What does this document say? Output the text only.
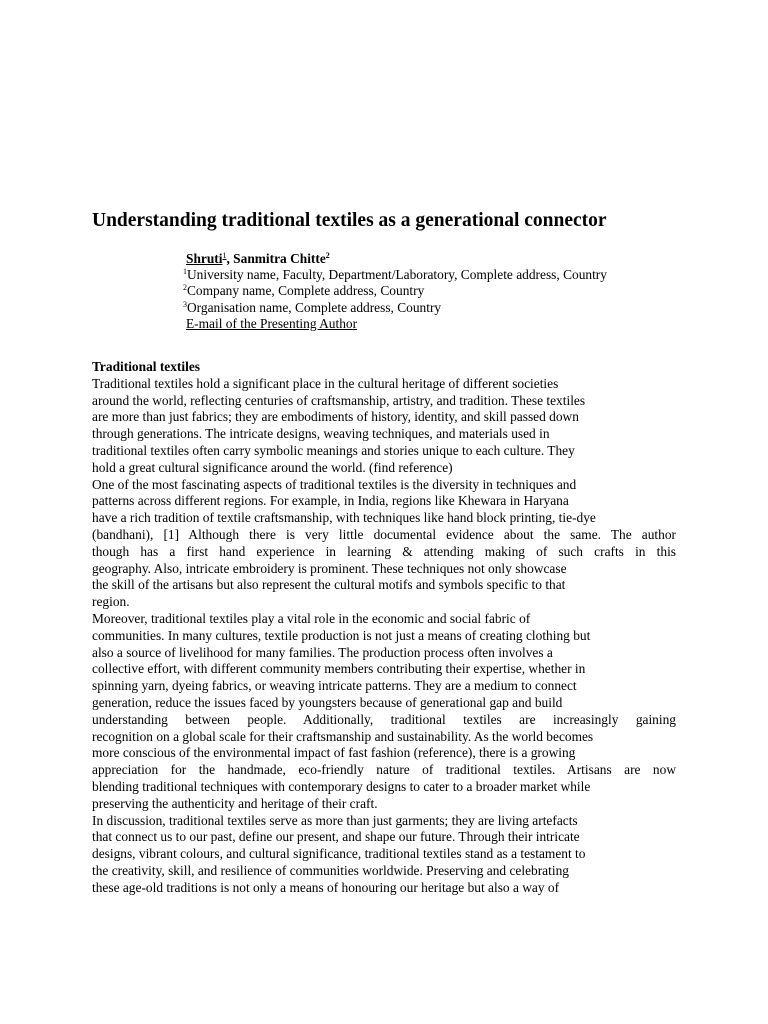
Understanding traditional textiles as a generational connector
Shruti$^1$, Sanmitra Chitte$^2$
$^1$University name, Faculty, Department/Laboratory, Complete address, Country
$^2$Company name, Complete address, Country
$^3$Organisation name, Complete address, Country
E-mail of the Presenting Author
Traditional textiles

Traditional textiles hold a significant place in the cultural heritage of different societies
around the world, reflecting centuries of craftsmanship, artistry, and tradition. These textiles
are more than just fabrics; they are embodiments of history, identity, and skill passed down
through generations. The intricate designs, weaving techniques, and materials used in
traditional textiles often carry symbolic meanings and stories unique to each culture. They
hold a great cultural significance around the world. (find reference)

One of the most fascinating aspects of traditional textiles is the diversity in techniques and
patterns across different regions. For example, in India, regions like Khewara in Haryana
have a rich tradition of textile craftsmanship, with techniques like hand block printing, tie-dye
(bandhani), [1] Although there is very little documental evidence about the same. The author
though has a first hand experience in learning & attending making of such crafts in this
geography. Also, intricate embroidery is prominent. These techniques not only showcase
the skill of the artisans but also represent the cultural motifs and symbols specific to that
region.

Moreover, traditional textiles play a vital role in the economic and social fabric of
communities. In many cultures, textile production is not just a means of creating clothing but
also a source of livelihood for many families. The production process often involves a
collective effort, with different community members contributing their expertise, whether in
spinning yarn, dyeing fabrics, or weaving intricate patterns. They are a medium to connect
generation, reduce the issues faced by youngsters because of generational gap and build
understanding between people. Additionally, traditional textiles are increasingly gaining
recognition on a global scale for their craftsmanship and sustainability. As the world becomes
more conscious of the environmental impact of fast fashion (reference), there is a growing
appreciation for the handmade, eco-friendly nature of traditional textiles. Artisans are now
blending traditional techniques with contemporary designs to cater to a broader market while
preserving the authenticity and heritage of their craft.

In discussion, traditional textiles serve as more than just garments; they are living artefacts
that connect us to our past, define our present, and shape our future. Through their intricate
designs, vibrant colours, and cultural significance, traditional textiles stand as a testament to
the creativity, skill, and resilience of communities worldwide. Preserving and celebrating
these age-old traditions is not only a means of honouring our heritage but also a way of
